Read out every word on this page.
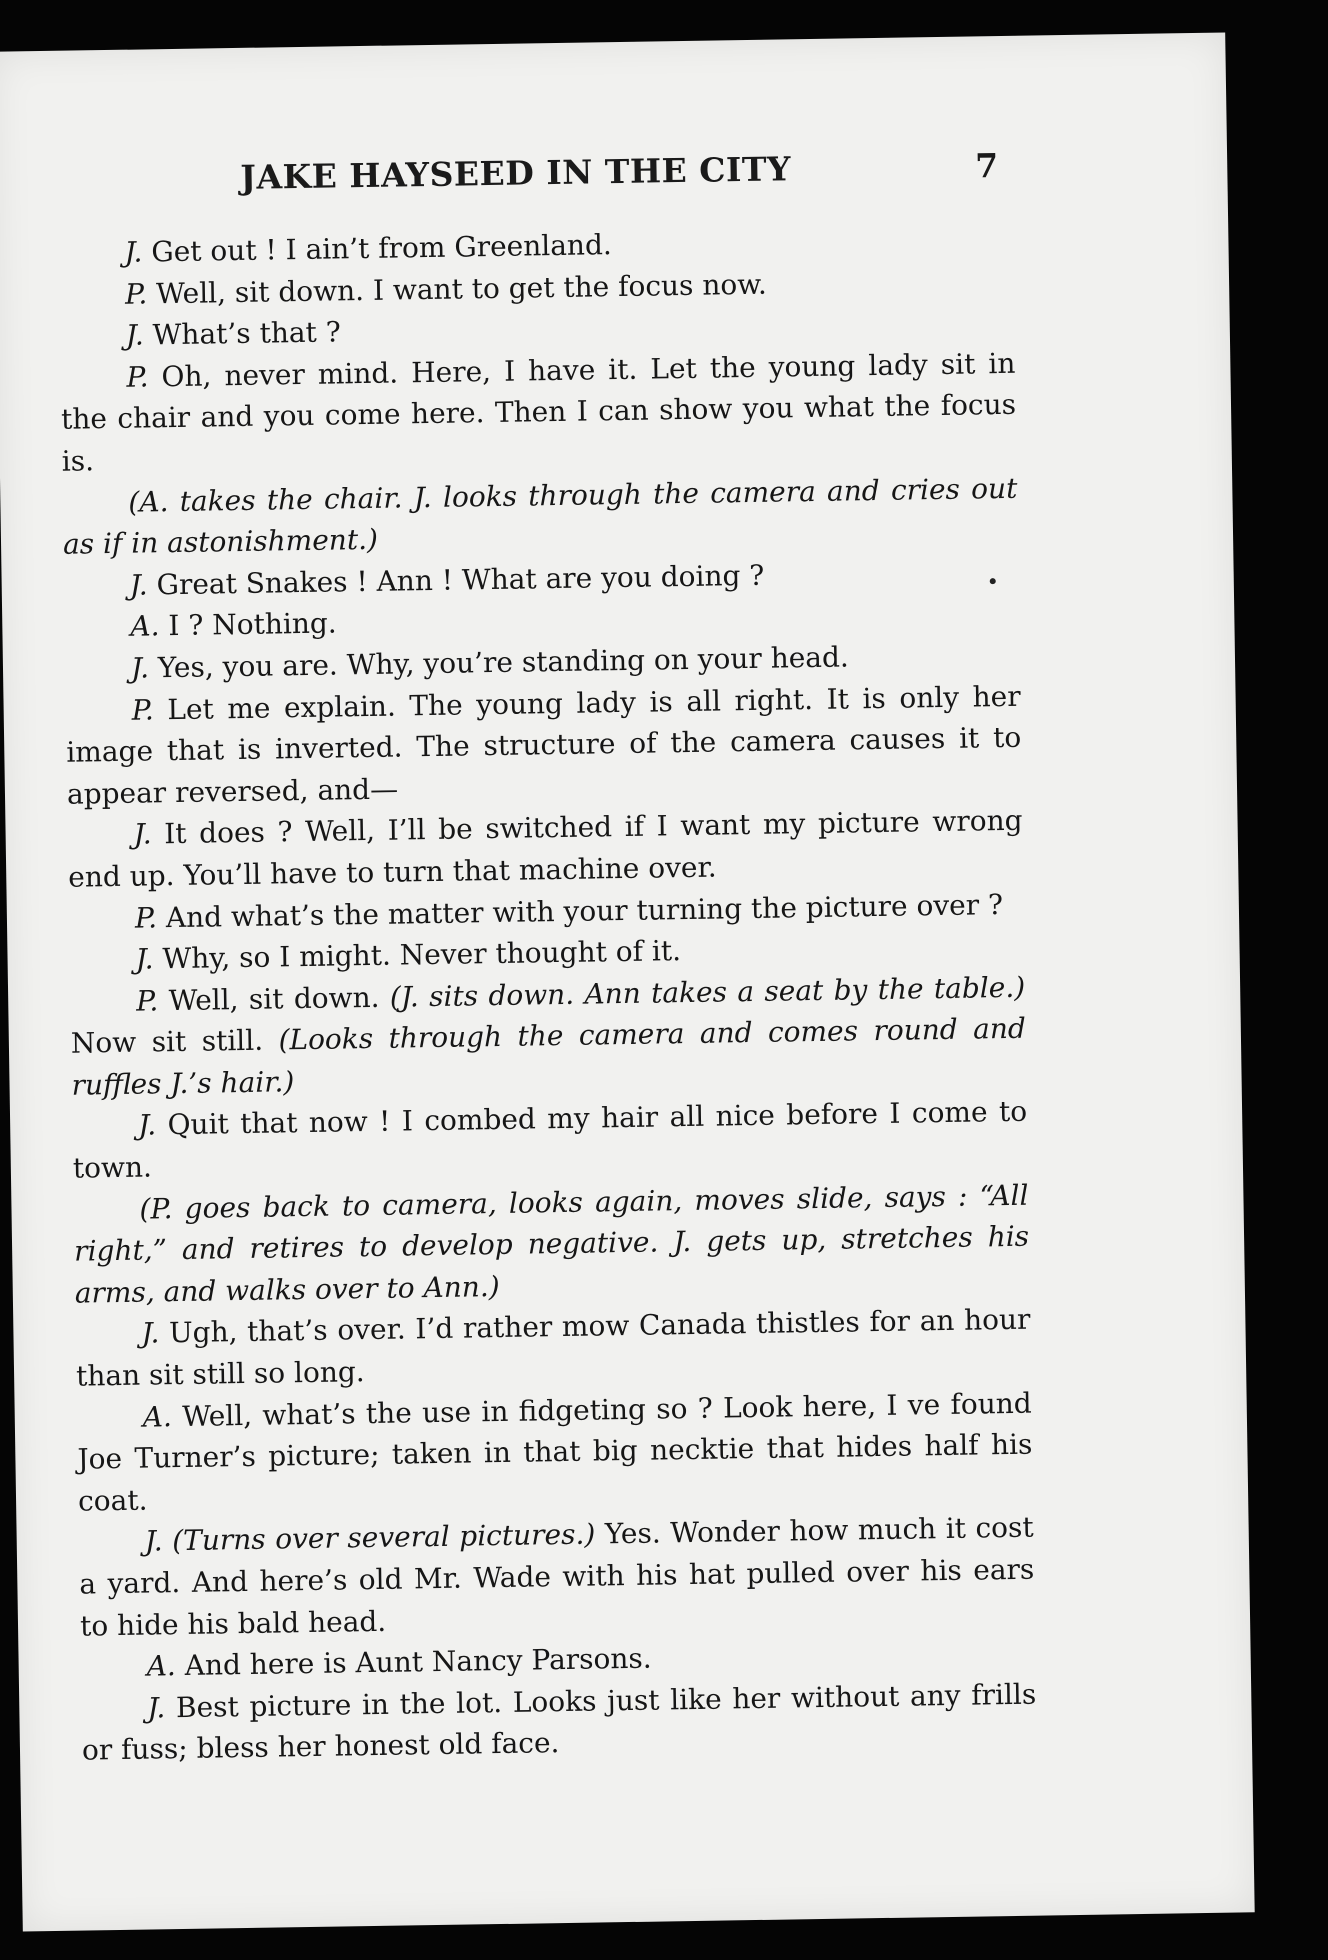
JAKE HAYSEED IN THE CITY	7

J. Get out ! I ain’t from Greenland.

P. Well, sit down. I want to get the focus now.

J. What’s that ?

P. Oh, never mind. Here, I have it. Let the young lady sit in the chair and you come here. Then I can show you what the focus is.

(A. takes the chair. J. looks through the camera and cries out as if in astonishment.)

J. Great Snakes ! Ann ! What are you doing ?

A. I ? Nothing.

J. Yes, you are. Why, you’re standing on your head.

P. Let me explain. The young lady is all right. It is only her image that is inverted. The structure of the camera causes it to appear reversed, and—

J. It does ? Well, I’ll be switched if I want my picture wrong end up. You’ll have to turn that machine over.

P. And what’s the matter with your turning the picture over ?

J. Why, so I might. Never thought of it.

P. Well, sit down. (J. sits down. Ann takes a seat by the table.) Now sit still. (Looks through the camera and comes round and ruffles J.’s hair.)

J. Quit that now ! I combed my hair all nice before I come to town.

(P. goes back to camera, looks again, moves slide, says : “All right,” and retires to develop negative. J. gets up, stretches his arms, and walks over to Ann.)

J. Ugh, that’s over. I’d rather mow Canada thistles for an hour than sit still so long.

A. Well, what’s the use in fidgeting so ? Look here, I ve found Joe Turner’s picture; taken in that big necktie that hides half his coat.

J. (Turns over several pictures.) Yes. Wonder how much it cost a yard. And here’s old Mr. Wade with his hat pulled over his ears to hide his bald head.

A. And here is Aunt Nancy Parsons.

J. Best picture in the lot. Looks just like her without any frills or fuss; bless her honest old face.
